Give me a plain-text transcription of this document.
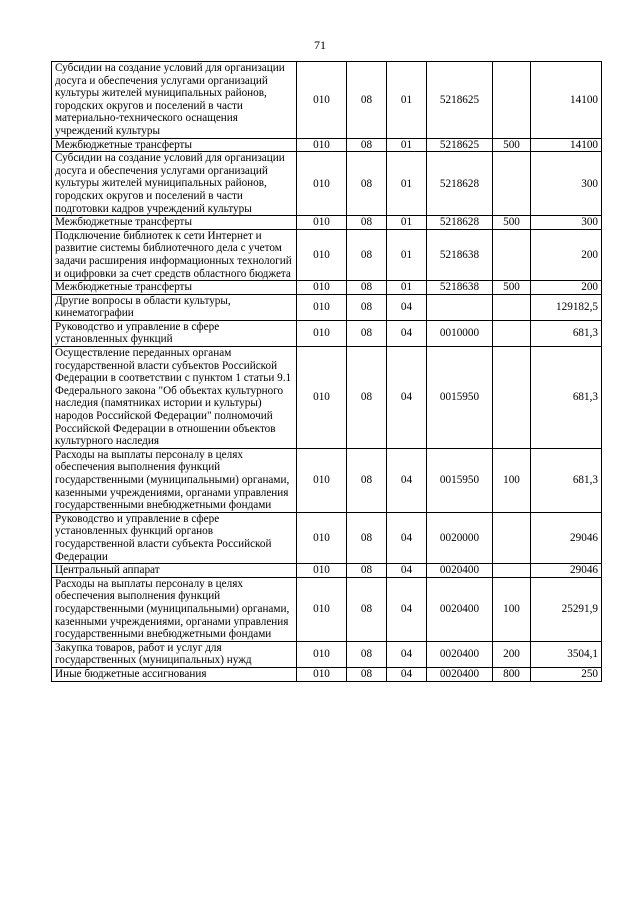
71
Субсидии на создание условий для организации досуга и обеспечения услугами организаций культуры жителей муниципальных районов, городских округов и поселений в части материально-технического оснащения учреждений культуры	010	08	01	5218625		14100
Межбюджетные трансферты	010	08	01	5218625	500	14100
Субсидии на создание условий для организации досуга и обеспечения услугами организаций культуры жителей муниципальных районов, городских округов и поселений в части подготовки кадров учреждений культуры	010	08	01	5218628		300
Межбюджетные трансферты	010	08	01	5218628	500	300
Подключение библиотек к сети Интернет и развитие системы библиотечного дела с учетом задачи расширения информационных технологий и оцифровки за счет средств областного бюджета	010	08	01	5218638		200
Межбюджетные трансферты	010	08	01	5218638	500	200
Другие вопросы в области культуры, кинематографии	010	08	04			129182,5
Руководство и управление в сфере установленных функций	010	08	04	0010000		681,3
Осуществление переданных органам государственной власти субъектов Российской Федерации в соответствии с пунктом 1 статьи 9.1 Федерального закона "Об объектах культурного наследия (памятниках истории и культуры) народов Российской Федерации" полномочий Российской Федерации в отношении объектов культурного наследия	010	08	04	0015950		681,3
Расходы на выплаты персоналу в целях обеспечения выполнения функций государственными (муниципальными) органами, казенными учреждениями, органами управления государственными внебюджетными фондами	010	08	04	0015950	100	681,3
Руководство и управление в сфере установленных функций органов государственной власти субъекта Российской Федерации	010	08	04	0020000		29046
Центральный аппарат	010	08	04	0020400		29046
Расходы на выплаты персоналу в целях обеспечения выполнения функций государственными (муниципальными) органами, казенными учреждениями, органами управления государственными внебюджетными фондами	010	08	04	0020400	100	25291,9
Закупка товаров, работ и услуг для государственных (муниципальных) нужд	010	08	04	0020400	200	3504,1
Иные бюджетные ассигнования	010	08	04	0020400	800	250
